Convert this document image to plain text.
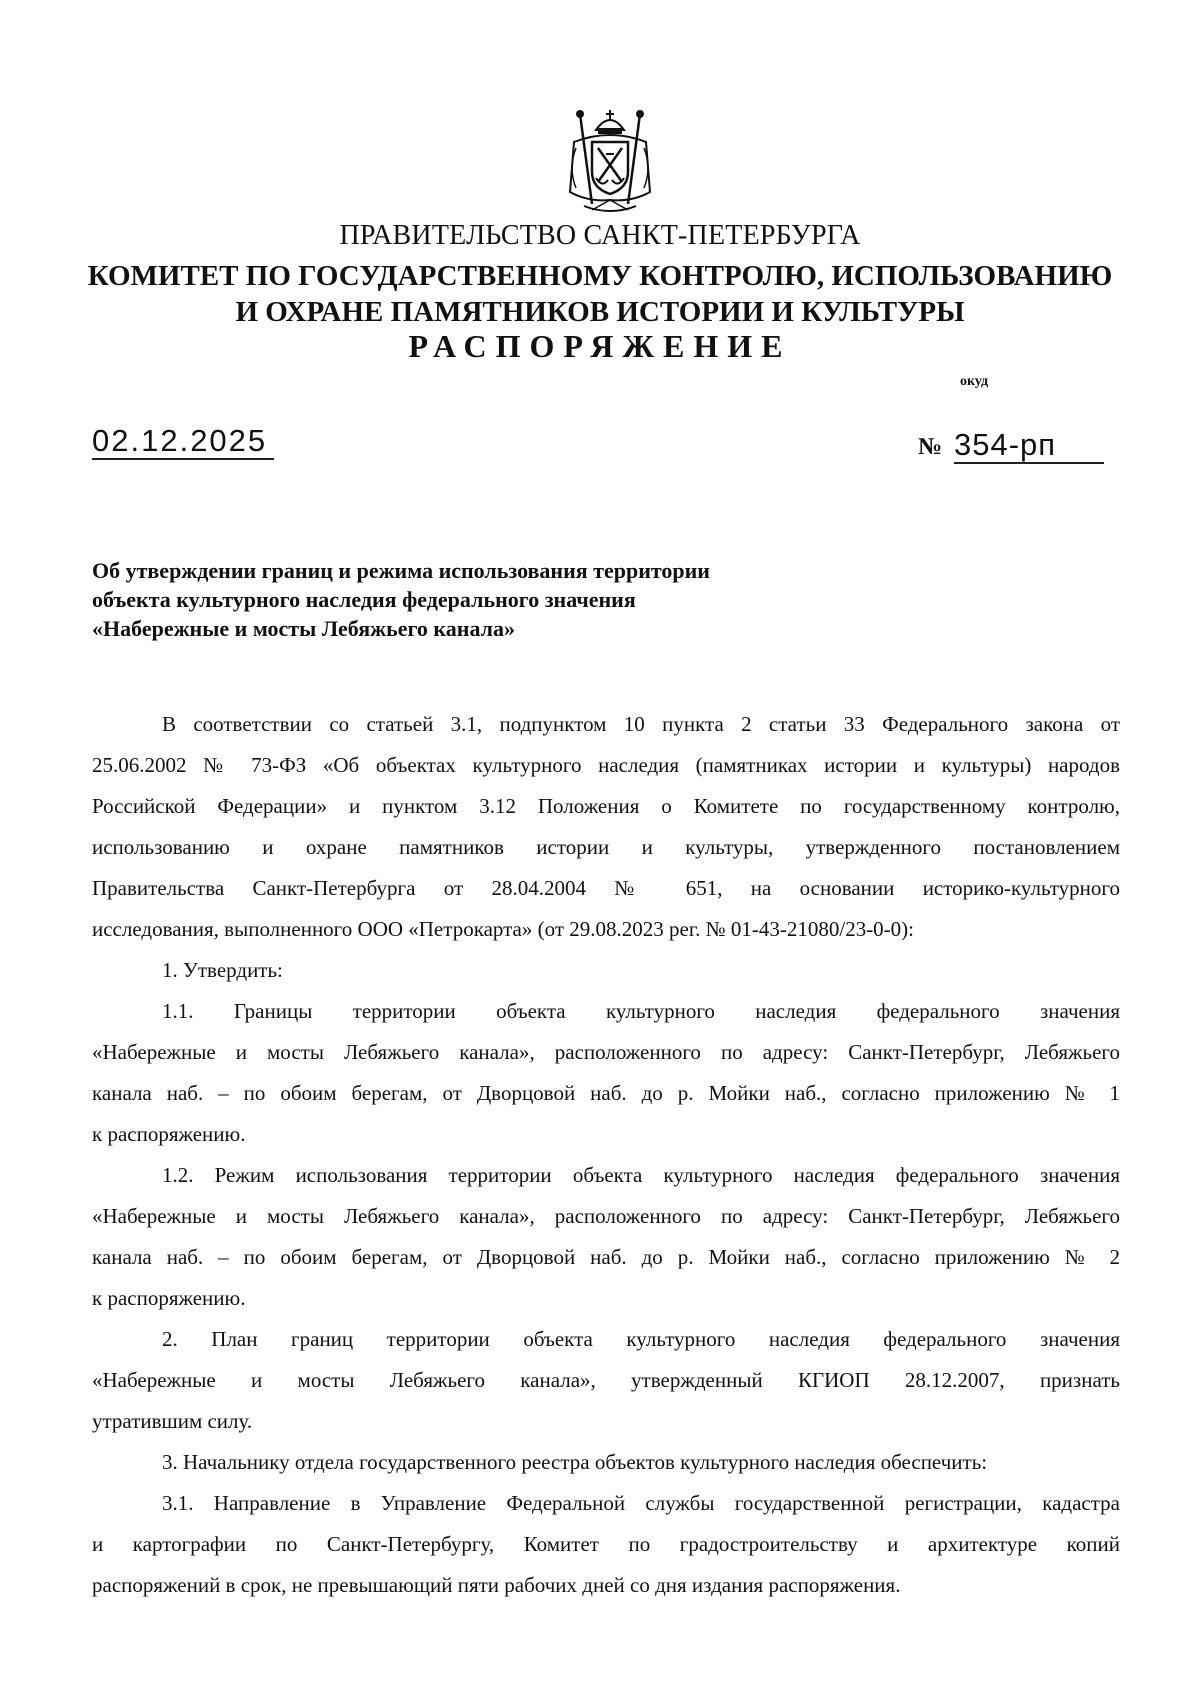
ПРАВИТЕЛЬСТВО САНКТ-ПЕТЕРБУРГА
КОМИТЕТ ПО ГОСУДАРСТВЕННОМУ КОНТРОЛЮ, ИСПОЛЬЗОВАНИЮ
И ОХРАНЕ ПАМЯТНИКОВ ИСТОРИИ И КУЛЬТУРЫ
РАСПОРЯЖЕНИЕ
окуд
02.12.2025	№ 354-рп
Об утверждении границ и режима использования территории
объекта культурного наследия федерального значения
«Набережные и мосты Лебяжьего канала»
В соответствии со статьей 3.1, подпунктом 10 пункта 2 статьи 33 Федерального закона от
25.06.2002 № 73-ФЗ «Об объектах культурного наследия (памятниках истории и культуры) народов
Российской Федерации» и пунктом 3.12 Положения о Комитете по государственному контролю,
использованию и охране памятников истории и культуры, утвержденного постановлением
Правительства Санкт-Петербурга от 28.04.2004 № 651, на основании историко-культурного
исследования, выполненного ООО «Петрокарта» (от 29.08.2023 рег. № 01-43-21080/23-0-0):
1. Утвердить:
1.1. Границы территории объекта культурного наследия федерального значения
«Набережные и мосты Лебяжьего канала», расположенного по адресу: Санкт-Петербург, Лебяжьего
канала наб. – по обоим берегам, от Дворцовой наб. до р. Мойки наб., согласно приложению № 1
к распоряжению.
1.2. Режим использования территории объекта культурного наследия федерального значения
«Набережные и мосты Лебяжьего канала», расположенного по адресу: Санкт-Петербург, Лебяжьего
канала наб. – по обоим берегам, от Дворцовой наб. до р. Мойки наб., согласно приложению № 2
к распоряжению.
2. План границ территории объекта культурного наследия федерального значения
«Набережные и мосты Лебяжьего канала», утвержденный КГИОП 28.12.2007, признать
утратившим силу.
3. Начальнику отдела государственного реестра объектов культурного наследия обеспечить:
3.1. Направление в Управление Федеральной службы государственной регистрации, кадастра
и картографии по Санкт-Петербургу, Комитет по градостроительству и архитектуре копий
распоряжений в срок, не превышающий пяти рабочих дней со дня издания распоряжения.
